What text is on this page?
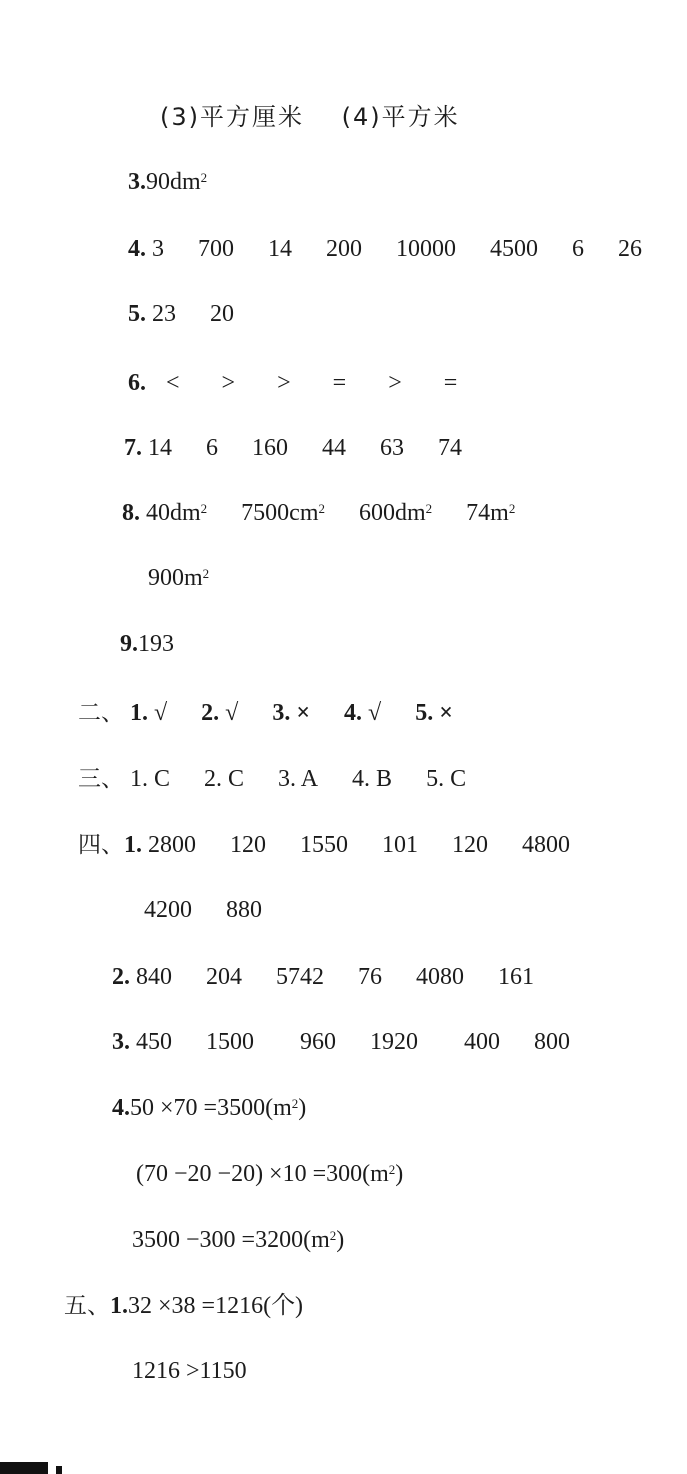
(3)平方厘米 (4)平方米
$3.90dm^2$
4. 3 700 14 200 10000 4500 6 26
5. 23 20
6. < > > = > =
7. 14 6 160 44 63 74
8. $40dm^2$ $7500cm^2$ $600dm^2$ $74m^2$
$900m^2$
9.193
二、 1. √ 2. √ 3. × 4. √ 5. ×
三、 1. C 2. C 3. A 4. B 5. C
四、1. 2800 120 1550 101 120 4800
4200 880
2. 840 204 5742 76 4080 161
3. 450 1500 960 1920 400 800
$4.50 \times 70 =3500(m^2)$
$(70 -20 -20) \times 10 =300(m^2)$
$3500 -300 =3200(m^2)$
五、1.32 ×38 =1216(个)
1216 >1150
